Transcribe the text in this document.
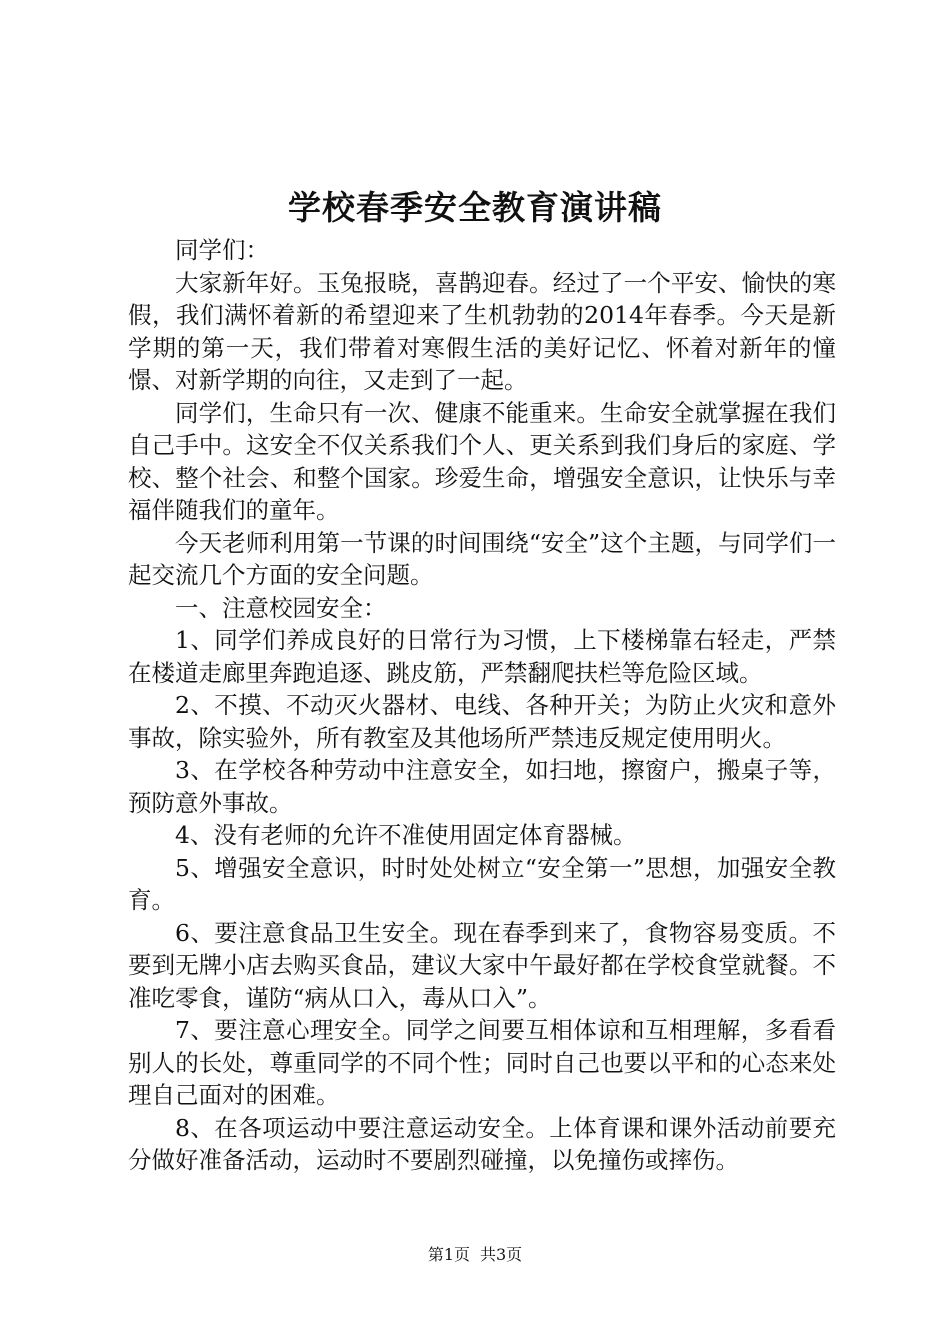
学校春季安全教育演讲稿

同学们：

大家新年好。玉兔报晓，喜鹊迎春。经过了一个平安、愉快的寒假，我们满怀着新的希望迎来了生机勃勃的2014年春季。今天是新学期的第一天，我们带着对寒假生活的美好记忆、怀着对新年的憧憬、对新学期的向往，又走到了一起。

同学们，生命只有一次、健康不能重来。生命安全就掌握在我们自己手中。这安全不仅关系我们个人、更关系到我们身后的家庭、学校、整个社会、和整个国家。珍爱生命，增强安全意识，让快乐与幸福伴随我们的童年。

今天老师利用第一节课的时间围绕“安全”这个主题，与同学们一起交流几个方面的安全问题。

一、注意校园安全：

1、同学们养成良好的日常行为习惯，上下楼梯靠右轻走，严禁在楼道走廊里奔跑追逐、跳皮筋，严禁翻爬扶栏等危险区域。

2、不摸、不动灭火器材、电线、各种开关；为防止火灾和意外事故，除实验外，所有教室及其他场所严禁违反规定使用明火。

3、在学校各种劳动中注意安全，如扫地，擦窗户，搬桌子等，预防意外事故。

4、没有老师的允许不准使用固定体育器械。

5、增强安全意识，时时处处树立“安全第一”思想，加强安全教育。

6、要注意食品卫生安全。现在春季到来了，食物容易变质。不要到无牌小店去购买食品，建议大家中午最好都在学校食堂就餐。不准吃零食，谨防“病从口入，毒从口入”。

7、要注意心理安全。同学之间要互相体谅和互相理解，多看看别人的长处，尊重同学的不同个性；同时自己也要以平和的心态来处理自己面对的困难。

8、在各项运动中要注意运动安全。上体育课和课外活动前要充分做好准备活动，运动时不要剧烈碰撞，以免撞伤或摔伤。

第1页 共3页
